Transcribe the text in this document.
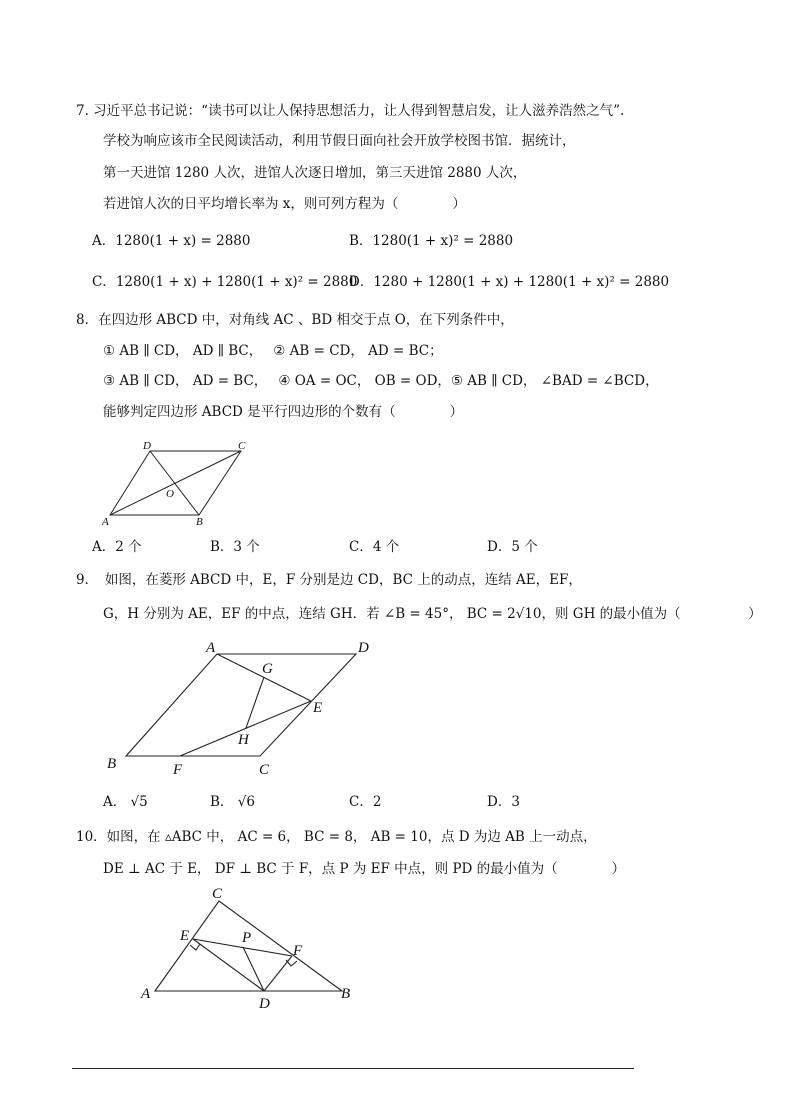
7. 习近平总书记说：“读书可以让人保持思想活力，让人得到智慧启发，让人滋养浩然之气”.
学校为响应该市全民阅读活动，利用节假日面向社会开放学校图书馆．据统计，
第一天进馆 1280 人次，进馆人次逐日增加，第三天进馆 2880 人次，
若进馆人次的日平均增长率为 x，则可列方程为（　　　　）
A．1280(1 + x) = 2880	B．1280(1 + x)² = 2880
C．1280(1 + x) + 1280(1 + x)² = 2880
D．1280 + 1280(1 + x) + 1280(1 + x)² = 2880
8．在四边形 ABCD 中，对角线 AC 、BD 相交于点 O，在下列条件中，
① AB ∥ CD， AD ∥ BC，　 ② AB = CD， AD = BC；
③ AB ∥ CD， AD = BC，　 ④ OA = OC， OB = OD，⑤ AB ∥ CD， ∠BAD = ∠BCD，
能够判定四边形 ABCD 是平行四边形的个数有（　　　　）
D	C
O
A	B
A．2 个	B．3 个	C．4 个	D．5 个
9．　如图，在菱形 ABCD 中，E，F 分别是边 CD，BC 上的动点，连结 AE，EF，
G，H 分别为 AE，EF 的中点，连结 GH．若 ∠B = 45°， BC = 2√10，则 GH 的最小值为（　　　　　）
A	D
G
E
H
B	F	C
A． √5	B． √6	C．2	D．3
10．如图，在 ▵ABC 中， AC = 6， BC = 8， AB = 10，点 D 为边 AB 上一动点，
DE ⊥ AC 于 E， DF ⊥ BC 于 F，点 P 为 EF 中点，则 PD 的最小值为（　　　　）
C
E	P
F
A
D
B
